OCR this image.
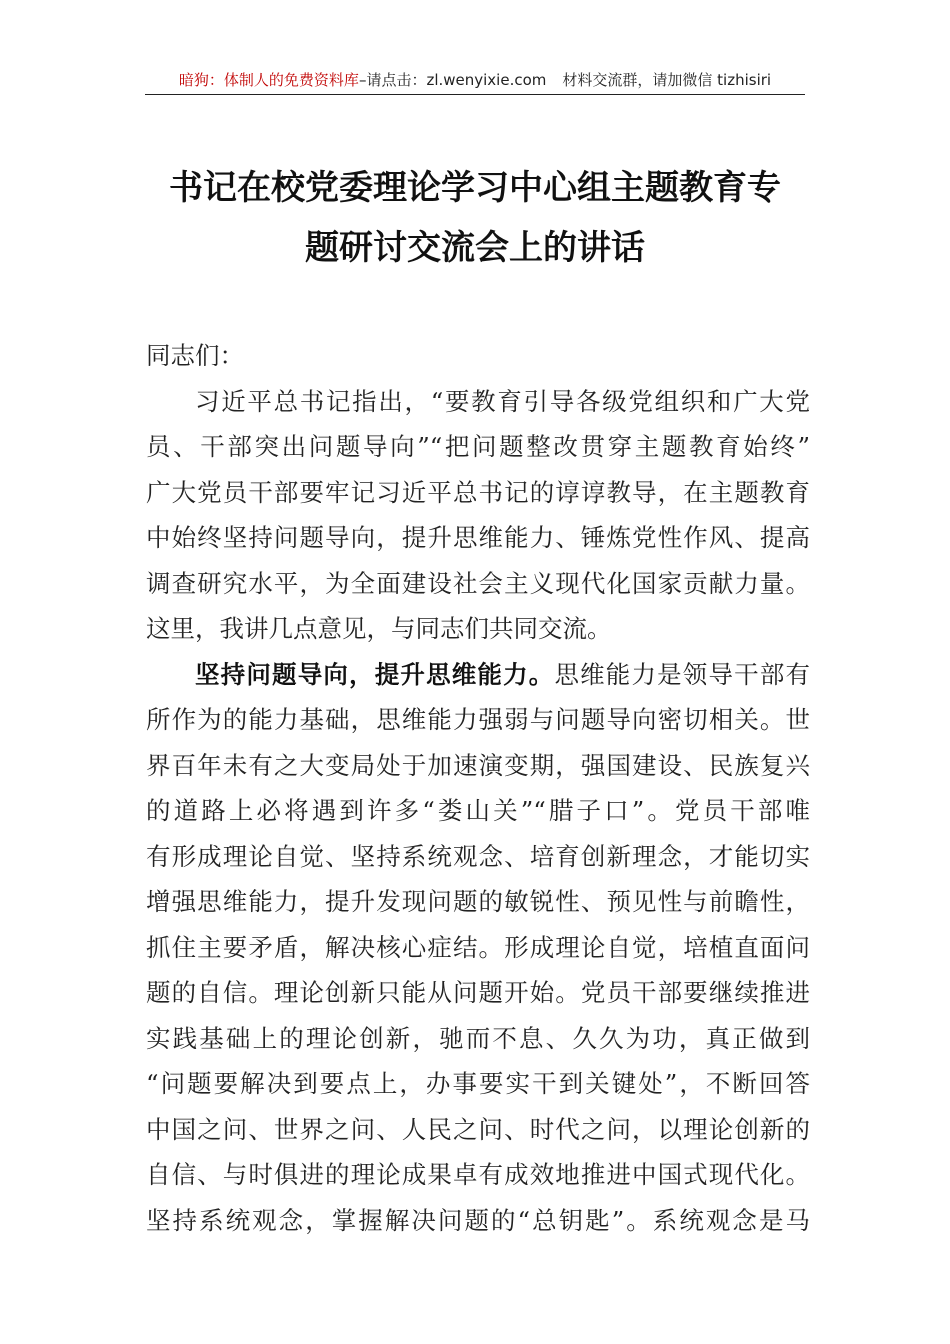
暗狗：体制人的免费资料库–请点击：zl.wenyixie.com 材料交流群，请加微信 tizhisiri
书记在校党委理论学习中心组主题教育专
题研讨交流会上的讲话
同志们：
习近平总书记指出，“要教育引导各级党组织和广大党
员、干部突出问题导向”“把问题整改贯穿主题教育始终”
广大党员干部要牢记习近平总书记的谆谆教导，在主题教育
中始终坚持问题导向，提升思维能力、锤炼党性作风、提高
调查研究水平，为全面建设社会主义现代化国家贡献力量。
这里，我讲几点意见，与同志们共同交流。
坚持问题导向，提升思维能力。思维能力是领导干部有
所作为的能力基础，思维能力强弱与问题导向密切相关。世
界百年未有之大变局处于加速演变期，强国建设、民族复兴
的道路上必将遇到许多“娄山关”“腊子口”。党员干部唯
有形成理论自觉、坚持系统观念、培育创新理念，才能切实
增强思维能力，提升发现问题的敏锐性、预见性与前瞻性，
抓住主要矛盾，解决核心症结。形成理论自觉，培植直面问
题的自信。理论创新只能从问题开始。党员干部要继续推进
实践基础上的理论创新，驰而不息、久久为功，真正做到
“问题要解决到要点上，办事要实干到关键处”，不断回答
中国之问、世界之问、人民之问、时代之问，以理论创新的
自信、与时俱进的理论成果卓有成效地推进中国式现代化。
坚持系统观念，掌握解决问题的“总钥匙”。系统观念是马
